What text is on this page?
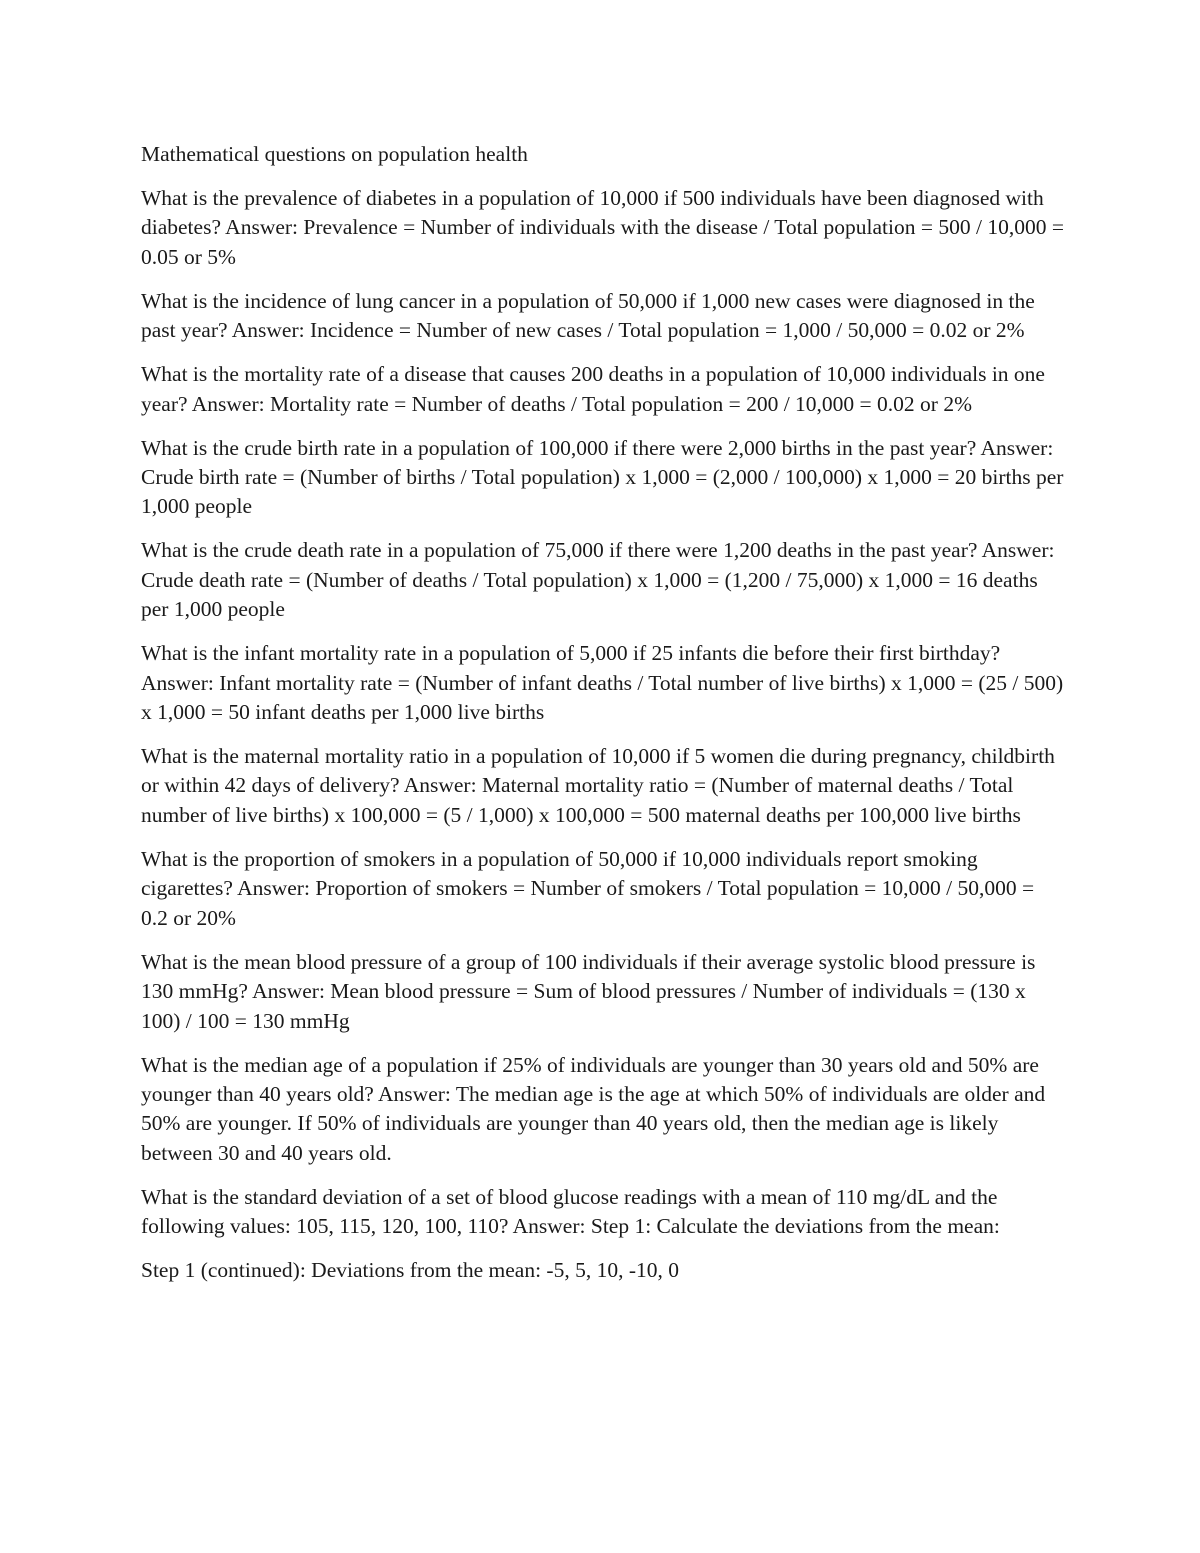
Mathematical questions on population health

What is the prevalence of diabetes in a population of 10,000 if 500 individuals have been diagnosed with diabetes? Answer: Prevalence = Number of individuals with the disease / Total population = 500 / 10,000 = 0.05 or 5%

What is the incidence of lung cancer in a population of 50,000 if 1,000 new cases were diagnosed in the past year? Answer: Incidence = Number of new cases / Total population = 1,000 / 50,000 = 0.02 or 2%

What is the mortality rate of a disease that causes 200 deaths in a population of 10,000 individuals in one year? Answer: Mortality rate = Number of deaths / Total population = 200 / 10,000 = 0.02 or 2%

What is the crude birth rate in a population of 100,000 if there were 2,000 births in the past year? Answer: Crude birth rate = (Number of births / Total population) x 1,000 = (2,000 / 100,000) x 1,000 = 20 births per 1,000 people

What is the crude death rate in a population of 75,000 if there were 1,200 deaths in the past year? Answer: Crude death rate = (Number of deaths / Total population) x 1,000 = (1,200 / 75,000) x 1,000 = 16 deaths per 1,000 people

What is the infant mortality rate in a population of 5,000 if 25 infants die before their first birthday? Answer: Infant mortality rate = (Number of infant deaths / Total number of live births) x 1,000 = (25 / 500) x 1,000 = 50 infant deaths per 1,000 live births

What is the maternal mortality ratio in a population of 10,000 if 5 women die during pregnancy, childbirth or within 42 days of delivery? Answer: Maternal mortality ratio = (Number of maternal deaths / Total number of live births) x 100,000 = (5 / 1,000) x 100,000 = 500 maternal deaths per 100,000 live births

What is the proportion of smokers in a population of 50,000 if 10,000 individuals report smoking cigarettes? Answer: Proportion of smokers = Number of smokers / Total population = 10,000 / 50,000 = 0.2 or 20%

What is the mean blood pressure of a group of 100 individuals if their average systolic blood pressure is 130 mmHg? Answer: Mean blood pressure = Sum of blood pressures / Number of individuals = (130 x 100) / 100 = 130 mmHg

What is the median age of a population if 25% of individuals are younger than 30 years old and 50% are younger than 40 years old? Answer: The median age is the age at which 50% of individuals are older and 50% are younger. If 50% of individuals are younger than 40 years old, then the median age is likely between 30 and 40 years old.

What is the standard deviation of a set of blood glucose readings with a mean of 110 mg/dL and the following values: 105, 115, 120, 100, 110? Answer: Step 1: Calculate the deviations from the mean:

Step 1 (continued): Deviations from the mean: -5, 5, 10, -10, 0
